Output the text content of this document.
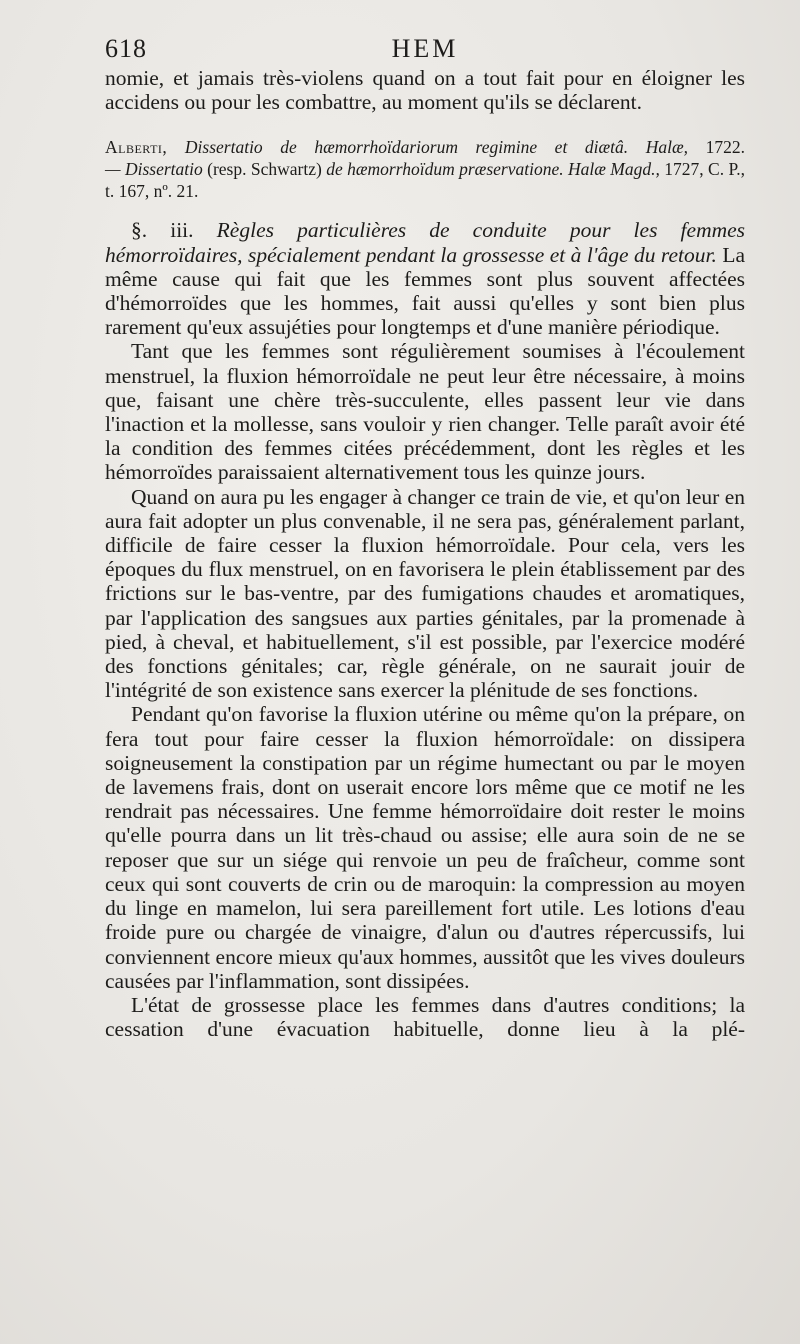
618	HEM

nomie, et jamais très-violens quand on a tout fait pour en éloigner les accidens ou pour les combattre, au moment qu'ils se déclarent.

Alberti, Dissertatio de hæmorrhoïdariorum regimine et diætâ. Halæ, 1722.

— Dissertatio (resp. Schwartz) de hæmorrhoïdum præservatione. Halæ Magd., 1727, C. P., t. 167, nº. 21.

§. iii. Règles particulières de conduite pour les femmes hémorroïdaires, spécialement pendant la grossesse et à l'âge du retour. La même cause qui fait que les femmes sont plus souvent affectées d'hémorroïdes que les hommes, fait aussi qu'elles y sont bien plus rarement qu'eux assujéties pour longtemps et d'une manière périodique.

Tant que les femmes sont régulièrement soumises à l'écoulement menstruel, la fluxion hémorroïdale ne peut leur être nécessaire, à moins que, faisant une chère très-succulente, elles passent leur vie dans l'inaction et la mollesse, sans vouloir y rien changer. Telle paraît avoir été la condition des femmes citées précédemment, dont les règles et les hémorroïdes paraissaient alternativement tous les quinze jours.

Quand on aura pu les engager à changer ce train de vie, et qu'on leur en aura fait adopter un plus convenable, il ne sera pas, généralement parlant, difficile de faire cesser la fluxion hémorroïdale. Pour cela, vers les époques du flux menstruel, on en favorisera le plein établissement par des frictions sur le bas-ventre, par des fumigations chaudes et aromatiques, par l'application des sangsues aux parties génitales, par la promenade à pied, à cheval, et habituellement, s'il est possible, par l'exercice modéré des fonctions génitales; car, règle générale, on ne saurait jouir de l'intégrité de son existence sans exercer la plénitude de ses fonctions.

Pendant qu'on favorise la fluxion utérine ou même qu'on la prépare, on fera tout pour faire cesser la fluxion hémorroïdale: on dissipera soigneusement la constipation par un régime humectant ou par le moyen de lavemens frais, dont on userait encore lors même que ce motif ne les rendrait pas nécessaires. Une femme hémorroïdaire doit rester le moins qu'elle pourra dans un lit très-chaud ou assise; elle aura soin de ne se reposer que sur un siége qui renvoie un peu de fraîcheur, comme sont ceux qui sont couverts de crin ou de maroquin: la compression au moyen du linge en mamelon, lui sera pareillement fort utile. Les lotions d'eau froide pure ou chargée de vinaigre, d'alun ou d'autres répercussifs, lui conviennent encore mieux qu'aux hommes, aussitôt que les vives douleurs causées par l'inflammation, sont dissipées.

L'état de grossesse place les femmes dans d'autres conditions; la cessation d'une évacuation habituelle, donne lieu à la plé-
